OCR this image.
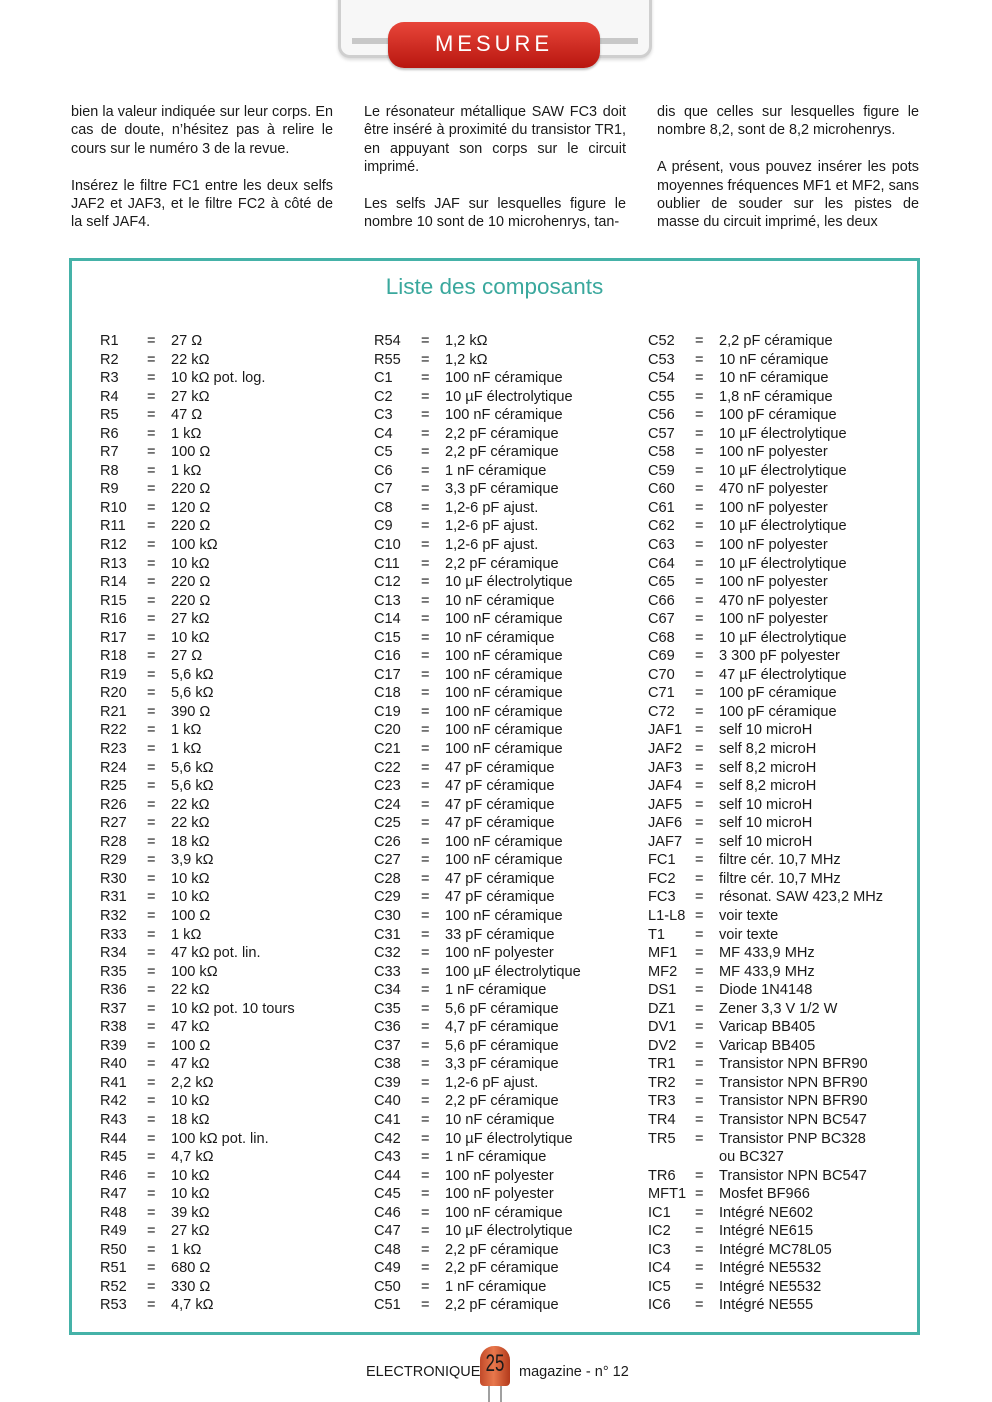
MESURE

bien la valeur indiquée sur leur corps. En cas de doute, n’hésitez pas à relire le cours sur le numéro 3 de la revue.

Insérez le filtre FC1 entre les deux selfs JAF2 et JAF3, et le filtre FC2 à côté de la self JAF4.

Le résonateur métallique SAW FC3 doit être inséré à proximité du transistor TR1, en appuyant son corps sur le circuit imprimé.

Les selfs JAF sur lesquelles figure le nombre 10 sont de 10 microhenrys, tan-

dis que celles sur lesquelles figure le nombre 8,2, sont de 8,2 microhenrys.

A présent, vous pouvez insérer les pots moyennes fréquences MF1 et MF2, sans oublier de souder sur les pistes de masse du circuit imprimé, les deux

Liste des composants
R1	=	27 Ω
R2	=	22 kΩ
R3	=	10 kΩ pot. log.
R4	=	27 kΩ
R5	=	47 Ω
R6	=	1 kΩ
R7	=	100 Ω
R8	=	1 kΩ
R9	=	220 Ω
R10	=	120 Ω
R11	=	220 Ω
R12	=	100 kΩ
R13	=	10 kΩ
R14	=	220 Ω
R15	=	220 Ω
R16	=	27 kΩ
R17	=	10 kΩ
R18	=	27 Ω
R19	=	5,6 kΩ
R20	=	5,6 kΩ
R21	=	390 Ω
R22	=	1 kΩ
R23	=	1 kΩ
R24	=	5,6 kΩ
R25	=	5,6 kΩ
R26	=	22 kΩ
R27	=	22 kΩ
R28	=	18 kΩ
R29	=	3,9 kΩ
R30	=	10 kΩ
R31	=	10 kΩ
R32	=	100 Ω
R33	=	1 kΩ
R34	=	47 kΩ pot. lin.
R35	=	100 kΩ
R36	=	22 kΩ
R37	=	10 kΩ pot. 10 tours
R38	=	47 kΩ
R39	=	100 Ω
R40	=	47 kΩ
R41	=	2,2 kΩ
R42	=	10 kΩ
R43	=	18 kΩ
R44	=	100 kΩ pot. lin.
R45	=	4,7 kΩ
R46	=	10 kΩ
R47	=	10 kΩ
R48	=	39 kΩ
R49	=	27 kΩ
R50	=	1 kΩ
R51	=	680 Ω
R52	=	330 Ω
R53	=	4,7 kΩ
R54	=	1,2 kΩ
R55	=	1,2 kΩ
C1	=	100 nF céramique
C2	=	10 µF électrolytique
C3	=	100 nF céramique
C4	=	2,2 pF céramique
C5	=	2,2 pF céramique
C6	=	1 nF céramique
C7	=	3,3 pF céramique
C8	=	1,2-6 pF ajust.
C9	=	1,2-6 pF ajust.
C10	=	1,2-6 pF ajust.
C11	=	2,2 pF céramique
C12	=	10 µF électrolytique
C13	=	10 nF céramique
C14	=	100 nF céramique
C15	=	10 nF céramique
C16	=	100 nF céramique
C17	=	100 nF céramique
C18	=	100 nF céramique
C19	=	100 nF céramique
C20	=	100 nF céramique
C21	=	100 nF céramique
C22	=	47 pF céramique
C23	=	47 pF céramique
C24	=	47 pF céramique
C25	=	47 pF céramique
C26	=	100 nF céramique
C27	=	100 nF céramique
C28	=	47 pF céramique
C29	=	47 pF céramique
C30	=	100 nF céramique
C31	=	33 pF céramique
C32	=	100 nF polyester
C33	=	100 µF électrolytique
C34	=	1 nF céramique
C35	=	5,6 pF céramique
C36	=	4,7 pF céramique
C37	=	5,6 pF céramique
C38	=	3,3 pF céramique
C39	=	1,2-6 pF ajust.
C40	=	2,2 pF céramique
C41	=	10 nF céramique
C42	=	10 µF électrolytique
C43	=	1 nF céramique
C44	=	100 nF polyester
C45	=	100 nF polyester
C46	=	100 nF céramique
C47	=	10 µF électrolytique
C48	=	2,2 pF céramique
C49	=	2,2 pF céramique
C50	=	1 nF céramique
C51	=	2,2 pF céramique
C52	=	2,2 pF céramique
C53	=	10 nF céramique
C54	=	10 nF céramique
C55	=	1,8 nF céramique
C56	=	100 pF céramique
C57	=	10 µF électrolytique
C58	=	100 nF polyester
C59	=	10 µF électrolytique
C60	=	470 nF polyester
C61	=	100 nF polyester
C62	=	10 µF électrolytique
C63	=	100 nF polyester
C64	=	10 µF électrolytique
C65	=	100 nF polyester
C66	=	470 nF polyester
C67	=	100 nF polyester
C68	=	10 µF électrolytique
C69	=	3 300 pF polyester
C70	=	47 µF électrolytique
C71	=	100 pF céramique
C72	=	100 pF céramique
JAF1 =	self 10 microH
JAF2 =	self 8,2 microH
JAF3 =	self 8,2 microH
JAF4 =	self 8,2 microH
JAF5 =	self 10 microH
JAF6 =	self 10 microH
JAF7 =	self 10 microH
FC1	=	filtre cér. 10,7 MHz
FC2	=	filtre cér. 10,7 MHz
FC3	=	résonat. SAW 423,2 MHz
L1-L8 =	voir texte
T1	=	voir texte
MF1	=	MF 433,9 MHz
MF2	=	MF 433,9 MHz
DS1	=	Diode 1N4148
DZ1	=	Zener 3,3 V 1/2 W
DV1	=	Varicap BB405
DV2	=	Varicap BB405
TR1	=	Transistor NPN BFR90
TR2	=	Transistor NPN BFR90
TR3	=	Transistor NPN BFR90
TR4	=	Transistor NPN BC547
TR5	=	Transistor PNP BC328
ou BC327
TR6	=	Transistor NPN BC547
MFT1 =	Mosfet BF966
IC1	=	Intégré NE602
IC2	=	Intégré NE615
IC3	=	Intégré MC78L05
IC4	=	Intégré NE5532
IC5	=	Intégré NE5532
IC6	=	Intégré NE555
ELECTRONIQUE 25 magazine - n° 12
